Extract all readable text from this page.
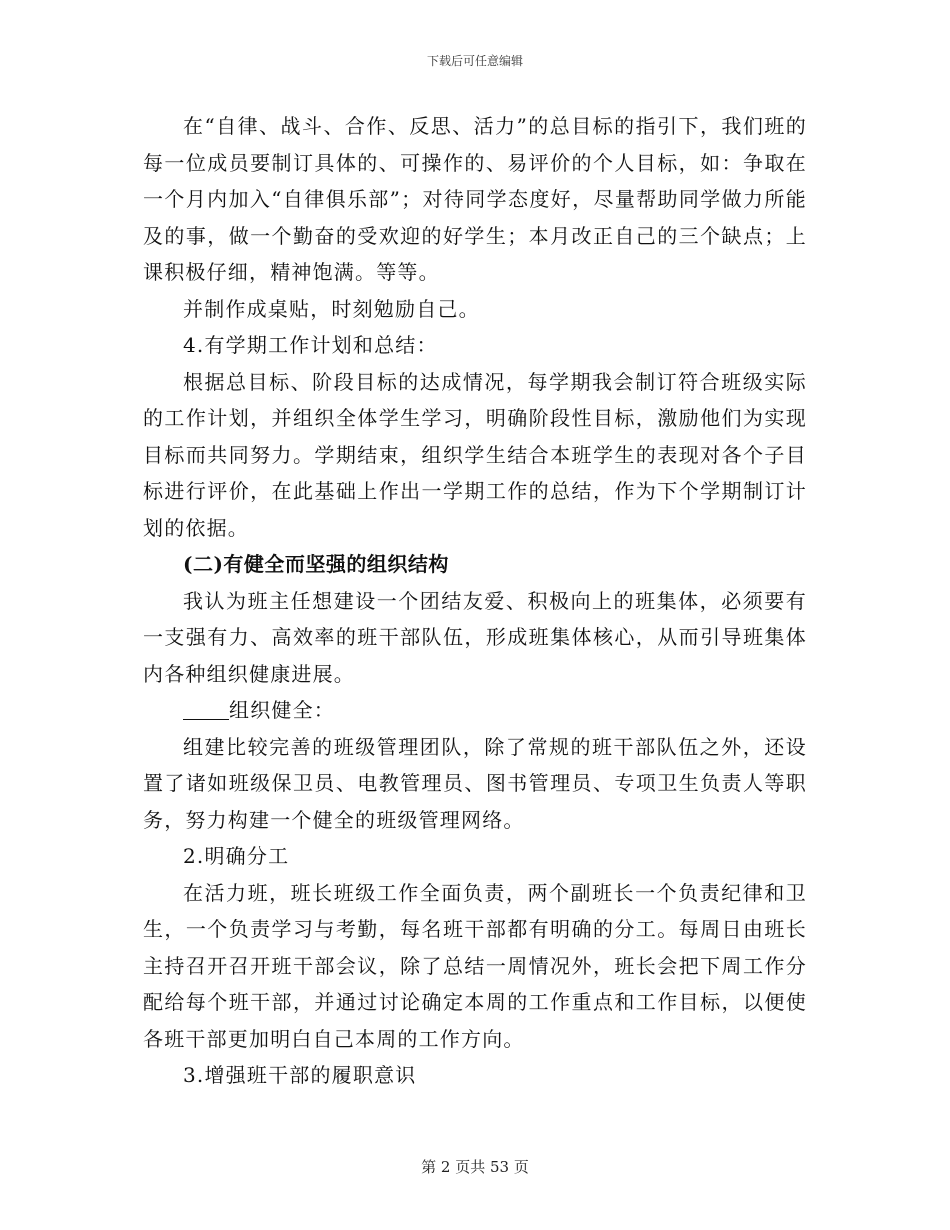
下载后可任意编辑

在“自律、战斗、合作、反思、活力”的总目标的指引下，我们班的每一位成员要制订具体的、可操作的、易评价的个人目标，如：争取在一个月内加入“自律俱乐部”；对待同学态度好，尽量帮助同学做力所能及的事，做一个勤奋的受欢迎的好学生；本月改正自己的三个缺点；上课积极仔细，精神饱满。等等。

并制作成桌贴，时刻勉励自己。

4.有学期工作计划和总结：

根据总目标、阶段目标的达成情况，每学期我会制订符合班级实际的工作计划，并组织全体学生学习，明确阶段性目标，激励他们为实现目标而共同努力。学期结束，组织学生结合本班学生的表现对各个子目标进行评价，在此基础上作出一学期工作的总结，作为下个学期制订计划的依据。

(二)有健全而坚强的组织结构

我认为班主任想建设一个团结友爱、积极向上的班集体，必须要有一支强有力、高效率的班干部队伍，形成班集体核心，从而引导班集体内各种组织健康进展。

组织健全：

组建比较完善的班级管理团队，除了常规的班干部队伍之外，还设置了诸如班级保卫员、电教管理员、图书管理员、专项卫生负责人等职务，努力构建一个健全的班级管理网络。

2.明确分工

在活力班，班长班级工作全面负责，两个副班长一个负责纪律和卫生，一个负责学习与考勤，每名班干部都有明确的分工。每周日由班长主持召开召开班干部会议，除了总结一周情况外，班长会把下周工作分配给每个班干部，并通过讨论确定本周的工作重点和工作目标，以便使各班干部更加明白自己本周的工作方向。

3.增强班干部的履职意识

第 2 页共 53 页
